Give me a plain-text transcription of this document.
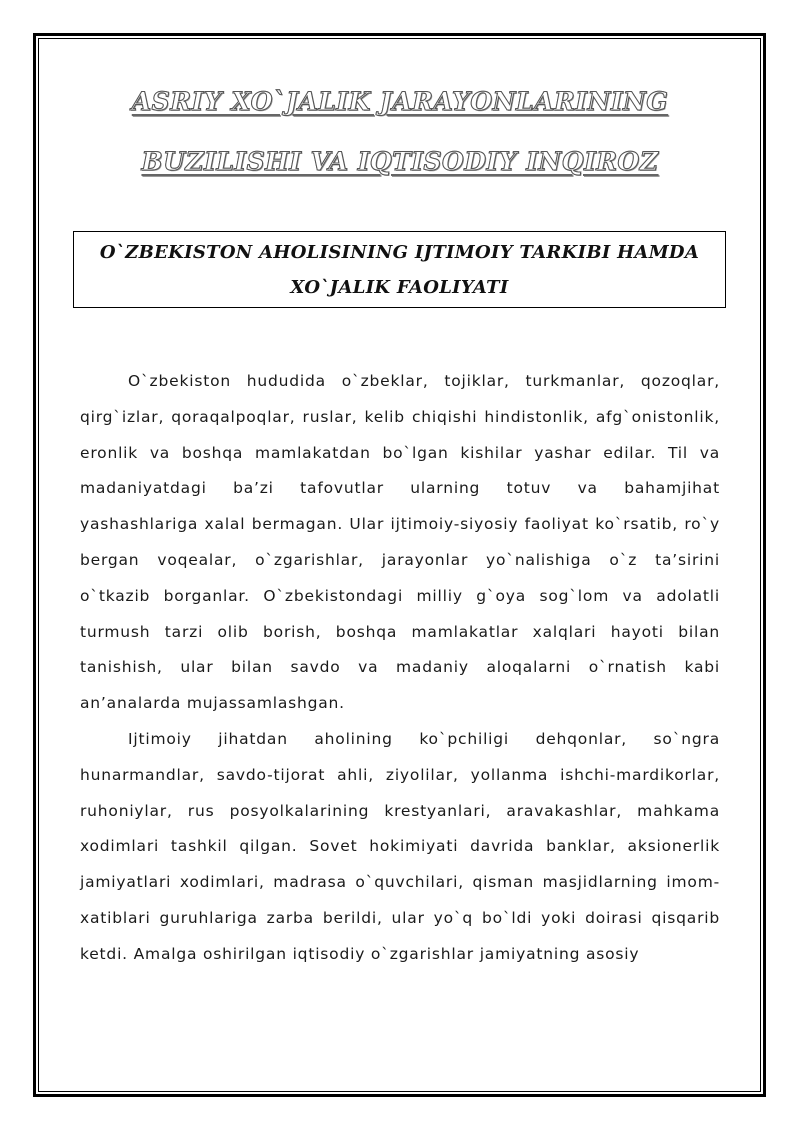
ASRIY XO`JALIK JARAYONLARINING
BUZILISHI VA IQTISODIY INQIROZ
O`ZBEKISTON AHOLISINING IJTIMOIY TARKIBI HAMDA
XO`JALIK FAOLIYATI

O`zbekiston hududida o`zbeklar, tojiklar, turkmanlar, qozoqlar, qirg`izlar, qoraqalpoqlar, ruslar, kelib chiqishi hindistonlik, afg`onistonlik, eronlik va boshqa mamlakatdan bo`lgan kishilar yashar edilar. Til va madaniyatdagi ba’zi tafovutlar ularning totuv va bahamjihat yashashlariga xalal bermagan. Ular ijtimoiy-siyosiy faoliyat ko`rsatib, ro`y bergan voqealar, o`zgarishlar, jarayonlar yo`nalishiga o`z ta’sirini o`tkazib borganlar. O`zbekistondagi milliy g`oya sog`lom va adolatli turmush tarzi olib borish, boshqa mamlakatlar xalqlari hayoti bilan tanishish, ular bilan savdo va madaniy aloqalarni o`rnatish kabi an’analarda mujassamlashgan.

Ijtimoiy jihatdan aholining ko`pchiligi dehqonlar, so`ngra hunarmandlar, savdo-tijorat ahli, ziyolilar, yollanma ishchi-mardikorlar, ruhoniylar, rus posyolkalarining krestyanlari, aravakashlar, mahkama xodimlari tashkil qilgan. Sovet hokimiyati davrida banklar, aksionerlik jamiyatlari xodimlari, madrasa o`quvchilari, qisman masjidlarning imom-xatiblari guruhlariga zarba berildi, ular yo`q bo`ldi yoki doirasi qisqarib ketdi. Amalga oshirilgan iqtisodiy o`zgarishlar jamiyatning asosiy
